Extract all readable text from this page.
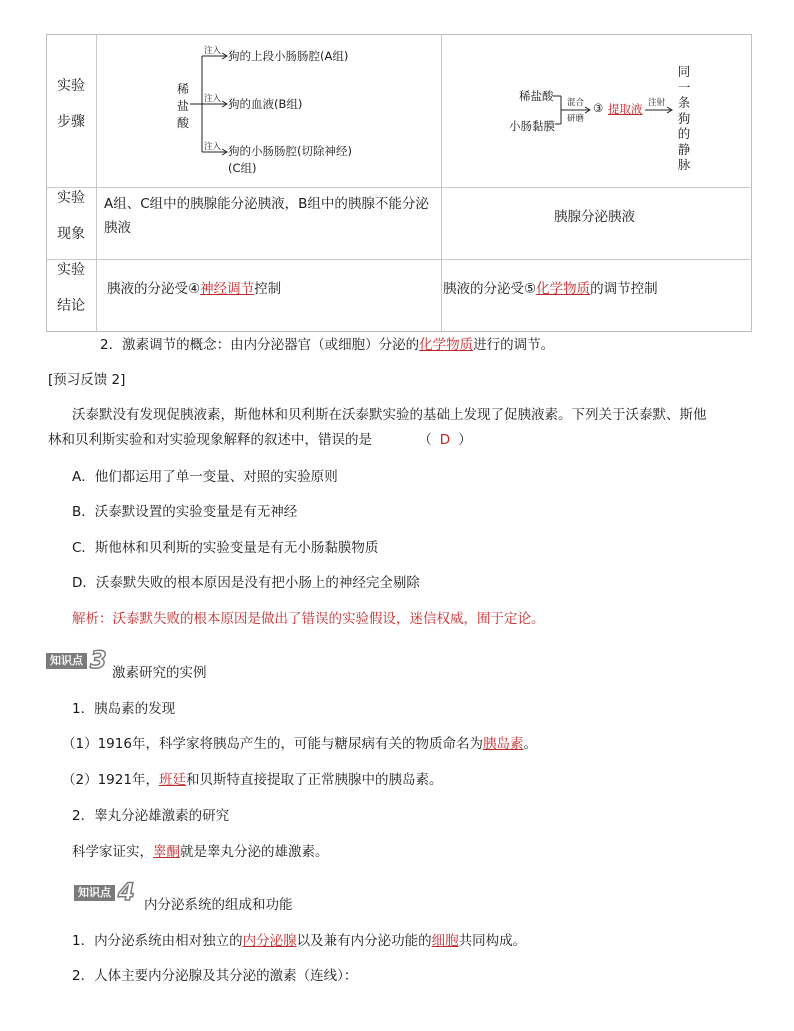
实验
步骤
实验
现象
实验
结论
稀
盐
酸
注入
注入
注入
狗的上段小肠肠腔(A组)
狗的血液(B组)
狗的小肠肠腔(切除神经)
(C组)
稀盐酸
小肠黏膜
混合
研磨
③ 提取液 注射
同
一
条
狗
的
静
脉
A组、C组中的胰腺能分泌胰液，B组中的胰腺不能分泌胰液
胰腺分泌胰液
胰液的分泌受④神经调节控制	胰液的分泌受⑤化学物质的调节控制
2．激素调节的概念：由内分泌器官（或细胞）分泌的化学物质进行的调节。
[预习反馈 2]
沃泰默没有发现促胰液素，斯他林和贝利斯在沃泰默实验的基础上发现了促胰液素。下列关于沃泰默、斯他
林和贝利斯实验和对实验现象解释的叙述中，错误的是	（ D ）
A．他们都运用了单一变量、对照的实验原则
B．沃泰默设置的实验变量是有无神经
C．斯他林和贝利斯的实验变量是有无小肠黏膜物质
D．沃泰默失败的根本原因是没有把小肠上的神经完全剔除
解析：沃泰默失败的根本原因是做出了错误的实验假设，迷信权威，囿于定论。
知识点 3 激素研究的实例
1．胰岛素的发现
（1）1916年，科学家将胰岛产生的，可能与糖尿病有关的物质命名为胰岛素。
（2）1921年，班廷和贝斯特直接提取了正常胰腺中的胰岛素。
2．睾丸分泌雄激素的研究
科学家证实，睾酮就是睾丸分泌的雄激素。
知识点 4 内分泌系统的组成和功能
1．内分泌系统由相对独立的内分泌腺以及兼有内分泌功能的细胞共同构成。
2．人体主要内分泌腺及其分泌的激素（连线）：
